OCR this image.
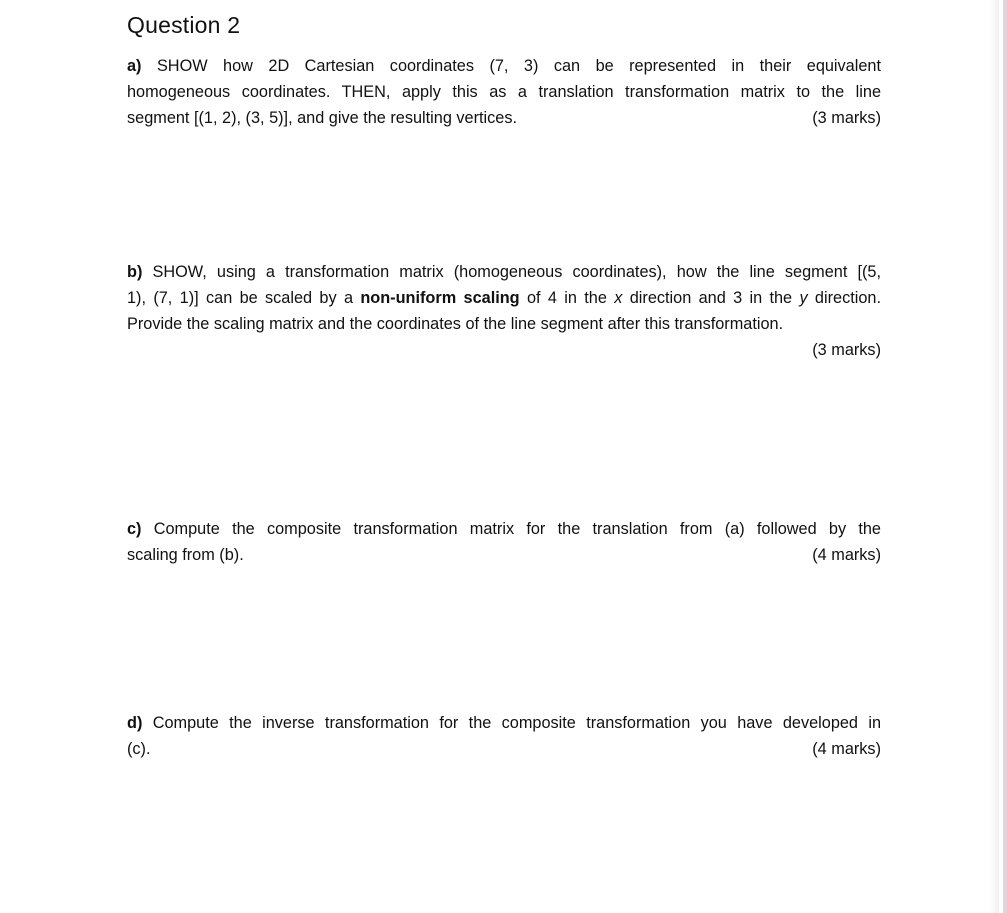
Question 2
a) SHOW how 2D Cartesian coordinates (7, 3) can be represented in their equivalent
homogeneous coordinates. THEN, apply this as a translation transformation matrix to the line
segment [(1, 2), (3, 5)], and give the resulting vertices.	(3 marks)
b) SHOW, using a transformation matrix (homogeneous coordinates), how the line segment [(5,
1), (7, 1)] can be scaled by a non-uniform scaling of 4 in the x direction and 3 in the y direction.
Provide the scaling matrix and the coordinates of the line segment after this transformation.
(3 marks)
c) Compute the composite transformation matrix for the translation from (a) followed by the
scaling from (b).	(4 marks)
d) Compute the inverse transformation for the composite transformation you have developed in
(c).	(4 marks)
